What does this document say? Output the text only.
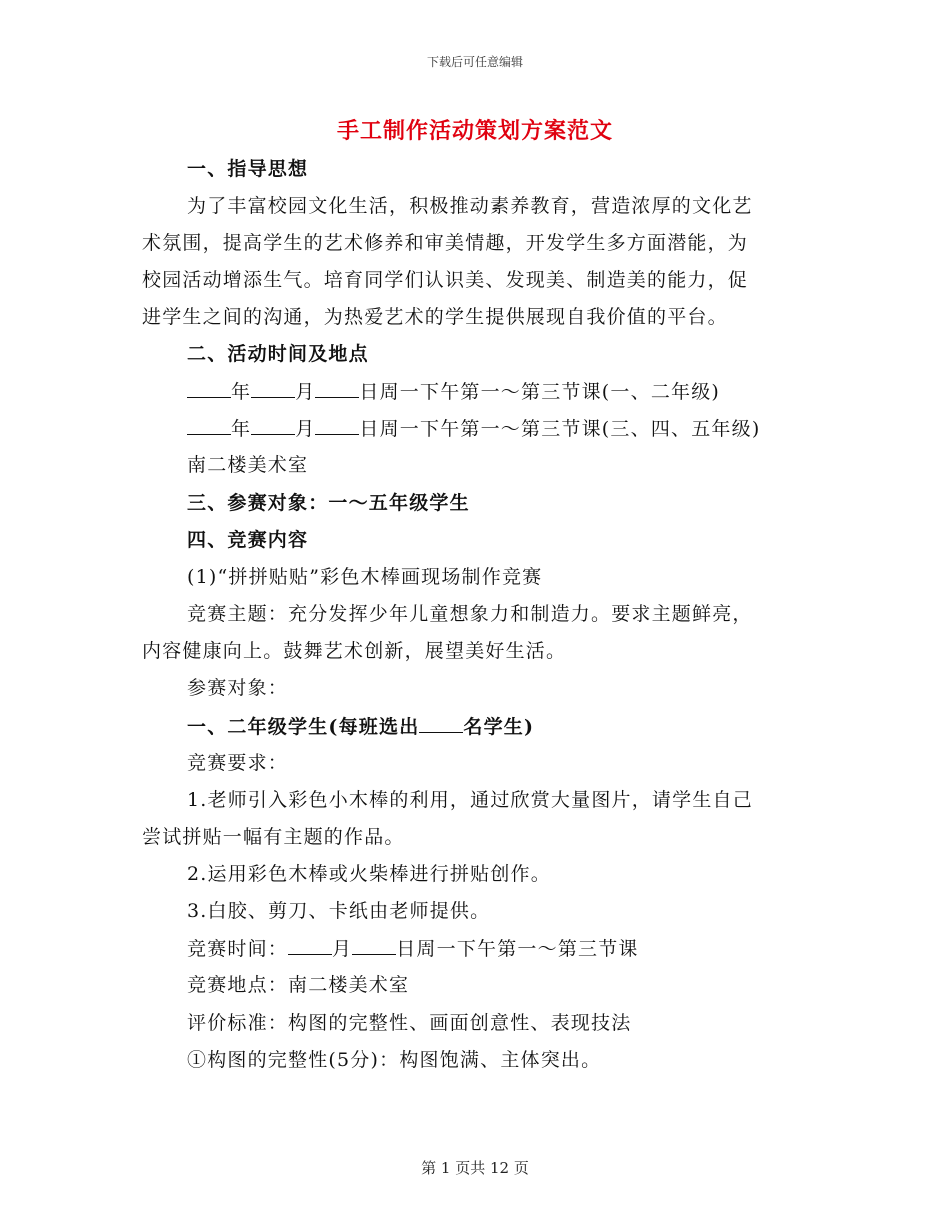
下载后可任意编辑
手工制作活动策划方案范文
一、指导思想
为了丰富校园文化生活，积极推动素养教育，营造浓厚的文化艺
术氛围，提高学生的艺术修养和审美情趣，开发学生多方面潜能，为
校园活动增添生气。培育同学们认识美、发现美、制造美的能力，促
进学生之间的沟通，为热爱艺术的学生提供展现自我价值的平台。
二、活动时间及地点
年 月 日周一下午第一～第三节课(一、二年级)
年 月 日周一下午第一～第三节课(三、四、五年级)
南二楼美术室
三、参赛对象：一～五年级学生
四、竞赛内容
(1)“拼拼贴贴”彩色木棒画现场制作竞赛
竞赛主题：充分发挥少年儿童想象力和制造力。要求主题鲜亮，
内容健康向上。鼓舞艺术创新，展望美好生活。
参赛对象：
一、二年级学生(每班选出 名学生)
竞赛要求：
1.老师引入彩色小木棒的利用，通过欣赏大量图片，请学生自己
尝试拼贴一幅有主题的作品。
2.运用彩色木棒或火柴棒进行拼贴创作。
3.白胶、剪刀、卡纸由老师提供。
竞赛时间： 月 日周一下午第一～第三节课
竞赛地点：南二楼美术室
评价标准：构图的完整性、画面创意性、表现技法
①构图的完整性(5分)：构图饱满、主体突出。
第 1 页共 12 页
